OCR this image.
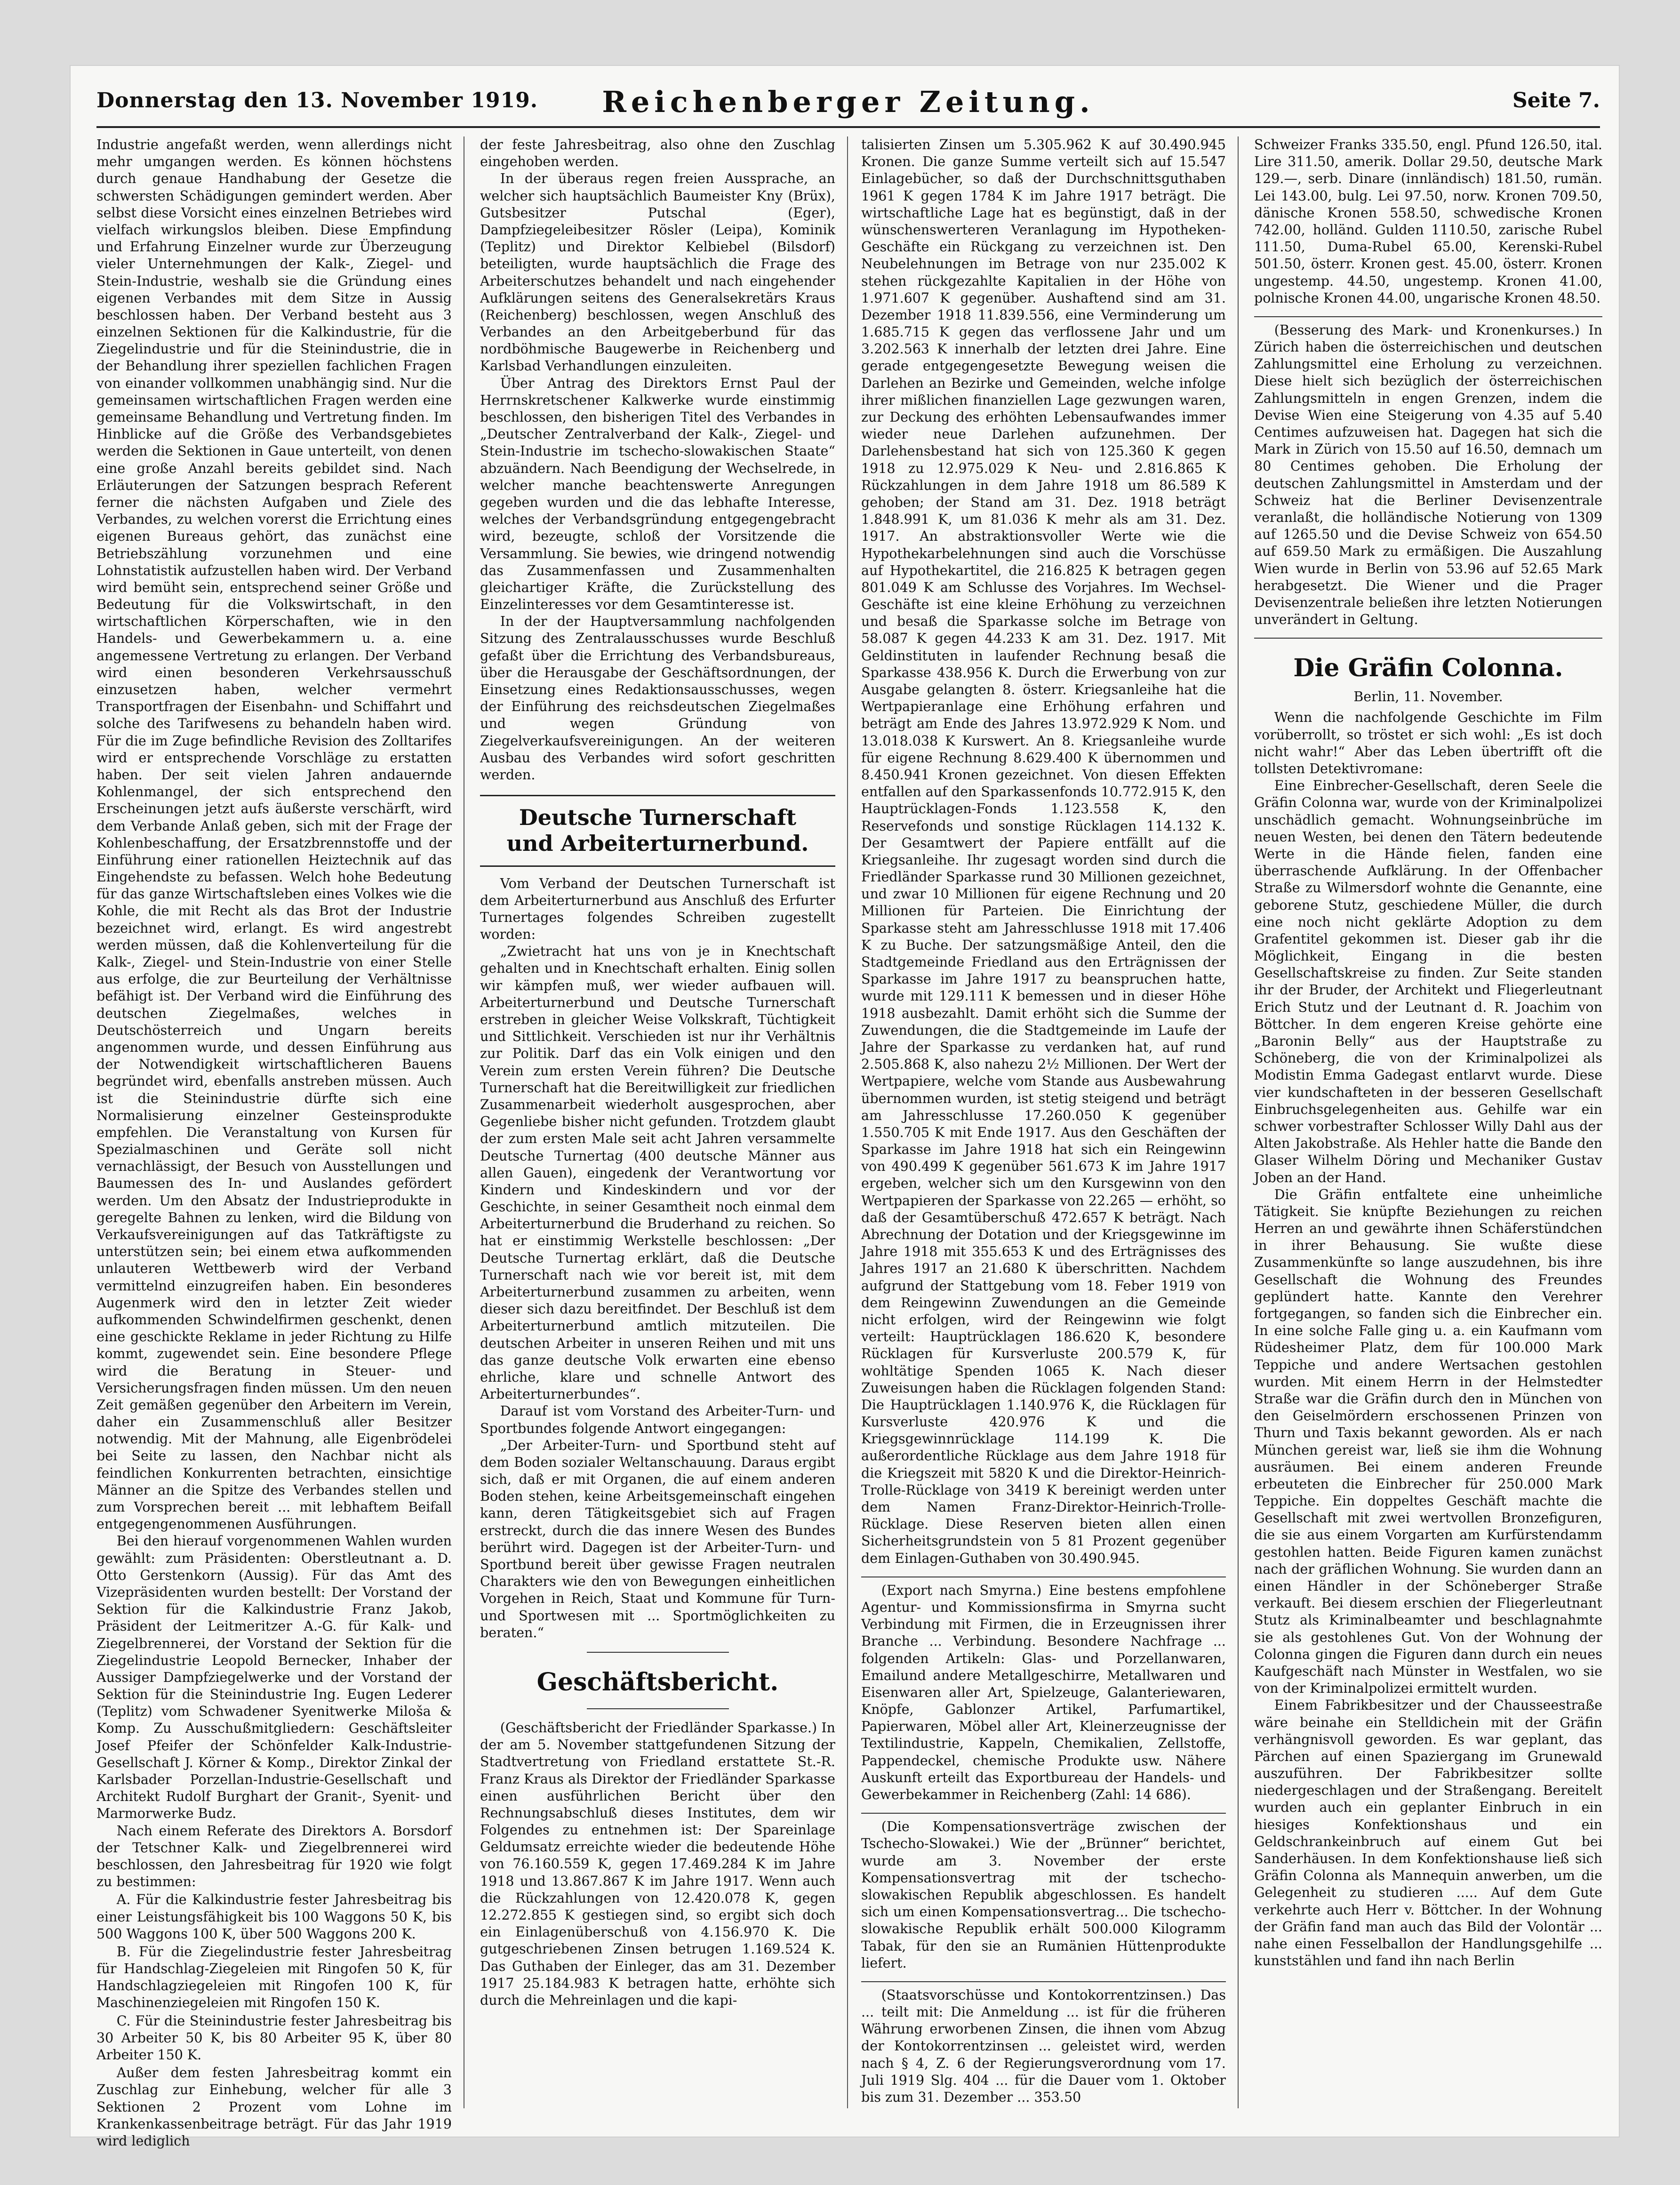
Donnerstag den 13. November 1919.	Reichenberger Zeitung.	Seite 7.

Industrie angefaßt werden, wenn allerdings nicht mehr umgangen werden. Es können höchstens durch genaue Handhabung der Gesetze die schwersten Schädigungen gemindert werden. Aber selbst diese Vorsicht eines einzelnen Betriebes wird vielfach wirkungslos bleiben. Diese Empfindung und Erfahrung Einzelner wurde zur Überzeugung vieler Unternehmungen der Kalk-, Ziegel- und Stein-Industrie, weshalb sie die Gründung eines eigenen Verbandes mit dem Sitze in Aussig beschlossen haben. Der Verband besteht aus 3 einzelnen Sektionen für die Kalkindustrie, für die Ziegelindustrie und für die Steinindustrie, die in der Behandlung ihrer speziellen fachlichen Fragen von einander vollkommen unabhängig sind. Nur die gemeinsamen wirtschaftlichen Fragen werden eine gemeinsame Behandlung und Vertretung finden. Im Hinblicke auf die Größe des Verbandsgebietes werden die Sektionen in Gaue unterteilt, von denen eine große Anzahl bereits gebildet sind. Nach Erläuterungen der Satzungen besprach Referent ferner die nächsten Aufgaben und Ziele des Verbandes, zu welchen vorerst die Errichtung eines eigenen Bureaus gehört, das zunächst eine Betriebszählung vorzunehmen und eine Lohnstatistik aufzustellen haben wird. Der Verband wird bemüht sein, entsprechend seiner Größe und Bedeutung für die Volkswirtschaft, in den wirtschaftlichen Körperschaften, wie in den Handels- und Gewerbekammern u. a. eine angemessene Vertretung zu erlangen. Der Verband wird einen besonderen Verkehrsausschuß einzusetzen haben, welcher vermehrt Transportfragen der Eisenbahn- und Schiffahrt und solche des Tarifwesens zu behandeln haben wird. Für die im Zuge befindliche Revision des Zolltarifes wird er entsprechende Vorschläge zu erstatten haben. Der seit vielen Jahren andauernde Kohlenmangel, der sich entsprechend den Erscheinungen jetzt aufs äußerste verschärft, wird dem Verbande Anlaß geben, sich mit der Frage der Kohlenbeschaffung, der Ersatzbrennstoffe und der Einführung einer rationellen Heiztechnik auf das Eingehendste zu befassen. Welch hohe Bedeutung für das ganze Wirtschaftsleben eines Volkes wie die Kohle, die mit Recht als das Brot der Industrie bezeichnet wird, erlangt. Es wird angestrebt werden müssen, daß die Kohlenverteilung für die Kalk-, Ziegel- und Stein-Industrie von einer Stelle aus erfolge, die zur Beurteilung der Verhältnisse befähigt ist. Der Verband wird die Einführung des deutschen Ziegelmaßes, welches in Deutschösterreich und Ungarn bereits angenommen wurde, und dessen Einführung aus der Notwendigkeit wirtschaftlicheren Bauens begründet wird, ebenfalls anstreben müssen. Auch ist die Steinindustrie dürfte sich eine Normalisierung einzelner Gesteinsprodukte empfehlen. Die Veranstaltung von Kursen für Spezialmaschinen und Geräte soll nicht vernachlässigt, der Besuch von Ausstellungen und Baumessen des In- und Auslandes gefördert werden. Um den Absatz der Industrieprodukte in geregelte Bahnen zu lenken, wird die Bildung von Verkaufsvereinigungen auf das Tatkräftigste zu unterstützen sein; bei einem etwa aufkommenden unlauteren Wettbewerb wird der Verband vermittelnd einzugreifen haben. Ein besonderes Augenmerk wird den in letzter Zeit wieder aufkommenden Schwindelfirmen geschenkt, denen eine geschickte Reklame in jeder Richtung zu Hilfe kommt, zugewendet sein. Eine besondere Pflege wird die Beratung in Steuer- und Versicherungsfragen finden müssen. Um den neuen Zeit gemäßen gegenüber den Arbeitern im Verein, daher ein Zusammenschluß aller Besitzer notwendig. Mit der Mahnung, alle Eigenbrödelei bei Seite zu lassen, den Nachbar nicht als feindlichen Konkurrenten betrachten, einsichtige Männer an die Spitze des Verbandes stellen und zum Vorsprechen bereit ... mit lebhaftem Beifall entgegengenommenen Ausführungen.

Bei den hierauf vorgenommenen Wahlen wurden gewählt: zum Präsidenten: Oberstleutnant a. D. Otto Gerstenkorn (Aussig). Für das Amt des Vizepräsidenten wurden bestellt: Der Vorstand der Sektion für die Kalkindustrie Franz Jakob, Präsident der Leitmeritzer A.-G. für Kalk- und Ziegelbrennerei, der Vorstand der Sektion für die Ziegelindustrie Leopold Bernecker, Inhaber der Aussiger Dampfziegelwerke und der Vorstand der Sektion für die Steinindustrie Ing. Eugen Lederer (Teplitz) vom Schwadener Syenitwerke Miloša & Komp. Zu Ausschußmitgliedern: Geschäftsleiter Josef Pfeifer der Schönfelder Kalk-Industrie-Gesellschaft J. Körner & Komp., Direktor Zinkal der Karlsbader Porzellan-Industrie-Gesellschaft und Architekt Rudolf Burghart der Granit-, Syenit- und Marmorwerke Budz.

Nach einem Referate des Direktors A. Borsdorf der Tetschner Kalk- und Ziegelbrennerei wird beschlossen, den Jahresbeitrag für 1920 wie folgt zu bestimmen:

A. Für die Kalkindustrie fester Jahresbeitrag bis einer Leistungsfähigkeit bis 100 Waggons 50 K, bis 500 Waggons 100 K, über 500 Waggons 200 K.

B. Für die Ziegelindustrie fester Jahresbeitrag für Handschlag-Ziegeleien mit Ringofen 50 K, für Handschlagziegeleien mit Ringofen 100 K, für Maschinenziegeleien mit Ringofen 150 K.

C. Für die Steinindustrie fester Jahresbeitrag bis 30 Arbeiter 50 K, bis 80 Arbeiter 95 K, über 80 Arbeiter 150 K.

Außer dem festen Jahresbeitrag kommt ein Zuschlag zur Einhebung, welcher für alle 3 Sektionen 2 Prozent vom Lohne im Krankenkassenbeitrage beträgt. Für das Jahr 1919 wird lediglich

der feste Jahresbeitrag, also ohne den Zuschlag eingehoben werden.

In der überaus regen freien Aussprache, an welcher sich hauptsächlich Baumeister Kny (Brüx), Gutsbesitzer Putschal (Eger), Dampfziegeleibesitzer Rösler (Leipa), Kominik (Teplitz) und Direktor Kelbiebel (Bilsdorf) beteiligten, wurde hauptsächlich die Frage des Arbeiterschutzes behandelt und nach eingehender Aufklärungen seitens des Generalsekretärs Kraus (Reichenberg) beschlossen, wegen Anschluß des Verbandes an den Arbeitgeberbund für das nordböhmische Baugewerbe in Reichenberg und Karlsbad Verhandlungen einzuleiten.

Über Antrag des Direktors Ernst Paul der Herrnskretschener Kalkwerke wurde einstimmig beschlossen, den bisherigen Titel des Verbandes in „Deutscher Zentralverband der Kalk-, Ziegel- und Stein-Industrie im tschecho-slowakischen Staate“ abzuändern. Nach Beendigung der Wechselrede, in welcher manche beachtenswerte Anregungen gegeben wurden und die das lebhafte Interesse, welches der Verbandsgründung entgegengebracht wird, bezeugte, schloß der Vorsitzende die Versammlung. Sie bewies, wie dringend notwendig das Zusammenfassen und Zusammenhalten gleichartiger Kräfte, die Zurückstellung des Einzelinteresses vor dem Gesamtinteresse ist.

In der der Hauptversammlung nachfolgenden Sitzung des Zentralausschusses wurde Beschluß gefaßt über die Errichtung des Verbandsbureaus, über die Herausgabe der Geschäftsordnungen, der Einsetzung eines Redaktionsausschusses, wegen der Einführung des reichsdeutschen Ziegelmaßes und wegen Gründung von Ziegelverkaufsvereinigungen. An der weiteren Ausbau des Verbandes wird sofort geschritten werden.

Deutsche Turnerschaft
und Arbeiterturnerbund.

Vom Verband der Deutschen Turnerschaft ist dem Arbeiterturnerbund aus Anschluß des Erfurter Turnertages folgendes Schreiben zugestellt worden:

„Zwietracht hat uns von je in Knechtschaft gehalten und in Knechtschaft erhalten. Einig sollen wir kämpfen muß, wer wieder aufbauen will. Arbeiterturnerbund und Deutsche Turnerschaft erstreben in gleicher Weise Volkskraft, Tüchtigkeit und Sittlichkeit. Verschieden ist nur ihr Verhältnis zur Politik. Darf das ein Volk einigen und den Verein zum ersten Verein führen? Die Deutsche Turnerschaft hat die Bereitwilligkeit zur friedlichen Zusammenarbeit wiederholt ausgesprochen, aber Gegenliebe bisher nicht gefunden. Trotzdem glaubt der zum ersten Male seit acht Jahren versammelte Deutsche Turnertag (400 deutsche Männer aus allen Gauen), eingedenk der Verantwortung vor Kindern und Kindeskindern und vor der Geschichte, in seiner Gesamtheit noch einmal dem Arbeiterturnerbund die Bruderhand zu reichen. So hat er einstimmig Werkstelle beschlossen: „Der Deutsche Turnertag erklärt, daß die Deutsche Turnerschaft nach wie vor bereit ist, mit dem Arbeiterturnerbund zusammen zu arbeiten, wenn dieser sich dazu bereitfindet. Der Beschluß ist dem Arbeiterturnerbund amtlich mitzuteilen. Die deutschen Arbeiter in unseren Reihen und mit uns das ganze deutsche Volk erwarten eine ebenso ehrliche, klare und schnelle Antwort des Arbeiterturnerbundes“.

Darauf ist vom Vorstand des Arbeiter-Turn- und Sportbundes folgende Antwort eingegangen:

„Der Arbeiter-Turn- und Sportbund steht auf dem Boden sozialer Weltanschauung. Daraus ergibt sich, daß er mit Organen, die auf einem anderen Boden stehen, keine Arbeitsgemeinschaft eingehen kann, deren Tätigkeitsgebiet sich auf Fragen erstreckt, durch die das innere Wesen des Bundes berührt wird. Dagegen ist der Arbeiter-Turn- und Sportbund bereit über gewisse Fragen neutralen Charakters wie den von Bewegungen einheitlichen Vorgehen in Reich, Staat und Kommune für Turn- und Sportwesen mit ... Sportmöglichkeiten zu beraten.“

Geschäftsbericht.

(Geschäftsbericht der Friedländer Sparkasse.) In der am 5. November stattgefundenen Sitzung der Stadtvertretung von Friedland erstattete St.-R. Franz Kraus als Direktor der Friedländer Sparkasse einen ausführlichen Bericht über den Rechnungsabschluß dieses Institutes, dem wir Folgendes zu entnehmen ist: Der Spareinlage Geldumsatz erreichte wieder die bedeutende Höhe von 76.160.559 K, gegen 17.469.284 K im Jahre 1918 und 13.867.867 K im Jahre 1917. Wenn auch die Rückzahlungen von 12.420.078 K, gegen 12.272.855 K gestiegen sind, so ergibt sich doch ein Einlagenüberschuß von 4.156.970 K. Die gutgeschriebenen Zinsen betrugen 1.169.524 K. Das Guthaben der Einleger, das am 31. Dezember 1917 25.184.983 K betragen hatte, erhöhte sich durch die Mehreinlagen und die kapi-

talisierten Zinsen um 5.305.962 K auf 30.490.945 Kronen. Die ganze Summe verteilt sich auf 15.547 Einlagebücher, so daß der Durchschnittsguthaben 1961 K gegen 1784 K im Jahre 1917 beträgt. Die wirtschaftliche Lage hat es begünstigt, daß in der wünschenswerteren Veranlagung im Hypotheken-Geschäfte ein Rückgang zu verzeichnen ist. Den Neubelehnungen im Betrage von nur 235.002 K stehen rückgezahlte Kapitalien in der Höhe von 1.971.607 K gegenüber. Aushaftend sind am 31. Dezember 1918 11.839.556, eine Verminderung um 1.685.715 K gegen das verflossene Jahr und um 3.202.563 K innerhalb der letzten drei Jahre. Eine gerade entgegengesetzte Bewegung weisen die Darlehen an Bezirke und Gemeinden, welche infolge ihrer mißlichen finanziellen Lage gezwungen waren, zur Deckung des erhöhten Lebensaufwandes immer wieder neue Darlehen aufzunehmen. Der Darlehensbestand hat sich von 125.360 K gegen 1918 zu 12.975.029 K Neu- und 2.816.865 K Rückzahlungen in dem Jahre 1918 um 86.589 K gehoben; der Stand am 31. Dez. 1918 beträgt 1.848.991 K, um 81.036 K mehr als am 31. Dez. 1917. An abstraktionsvoller Werte wie die Hypothekarbelehnungen sind auch die Vorschüsse auf Hypothekartitel, die 216.825 K betragen gegen 801.049 K am Schlusse des Vorjahres. Im Wechsel-Geschäfte ist eine kleine Erhöhung zu verzeichnen und besaß die Sparkasse solche im Betrage von 58.087 K gegen 44.233 K am 31. Dez. 1917. Mit Geldinstituten in laufender Rechnung besaß die Sparkasse 438.956 K. Durch die Erwerbung von zur Ausgabe gelangten 8. österr. Kriegsanleihe hat die Wertpapieranlage eine Erhöhung erfahren und beträgt am Ende des Jahres 13.972.929 K Nom. und 13.018.038 K Kurswert. An 8. Kriegsanleihe wurde für eigene Rechnung 8.629.400 K übernommen und 8.450.941 Kronen gezeichnet. Von diesen Effekten entfallen auf den Sparkassenfonds 10.772.915 K, den Hauptrücklagen-Fonds 1.123.558 K, den Reservefonds und sonstige Rücklagen 114.132 K. Der Gesamtwert der Papiere entfällt auf die Kriegsanleihe. Ihr zugesagt worden sind durch die Friedländer Sparkasse rund 30 Millionen gezeichnet, und zwar 10 Millionen für eigene Rechnung und 20 Millionen für Parteien. Die Einrichtung der Sparkasse steht am Jahresschlusse 1918 mit 17.406 K zu Buche. Der satzungsmäßige Anteil, den die Stadtgemeinde Friedland aus den Erträgnissen der Sparkasse im Jahre 1917 zu beanspruchen hatte, wurde mit 129.111 K bemessen und in dieser Höhe 1918 ausbezahlt. Damit erhöht sich die Summe der Zuwendungen, die die Stadtgemeinde im Laufe der Jahre der Sparkasse zu verdanken hat, auf rund 2.505.868 K, also nahezu 2½ Millionen. Der Wert der Wertpapiere, welche vom Stande aus Ausbewahrung übernommen wurden, ist stetig steigend und beträgt am Jahresschlusse 17.260.050 K gegenüber 1.550.705 K mit Ende 1917. Aus den Geschäften der Sparkasse im Jahre 1918 hat sich ein Reingewinn von 490.499 K gegenüber 561.673 K im Jahre 1917 ergeben, welcher sich um den Kursgewinn von den Wertpapieren der Sparkasse von 22.265 — erhöht, so daß der Gesamtüberschuß 472.657 K beträgt. Nach Abrechnung der Dotation und der Kriegsgewinne im Jahre 1918 mit 355.653 K und des Erträgnisses des Jahres 1917 an 21.680 K überschritten. Nachdem aufgrund der Stattgebung vom 18. Feber 1919 von dem Reingewinn Zuwendungen an die Gemeinde nicht erfolgen, wird der Reingewinn wie folgt verteilt: Hauptrücklagen 186.620 K, besondere Rücklagen für Kursverluste 200.579 K, für wohltätige Spenden 1065 K. Nach dieser Zuweisungen haben die Rücklagen folgenden Stand: Die Hauptrücklagen 1.140.976 K, die Rücklagen für Kursverluste 420.976 K und die Kriegsgewinnrücklage 114.199 K. Die außerordentliche Rücklage aus dem Jahre 1918 für die Kriegszeit mit 5820 K und die Direktor-Heinrich-Trolle-Rücklage von 3419 K bereinigt werden unter dem Namen Franz-Direktor-Heinrich-Trolle-Rücklage. Diese Reserven bieten allen einen Sicherheitsgrundstein von 5 81 Prozent gegenüber dem Einlagen-Guthaben von 30.490.945.

(Export nach Smyrna.) Eine bestens empfohlene Agentur- und Kommissionsfirma in Smyrna sucht Verbindung mit Firmen, die in Erzeugnissen ihrer Branche ... Verbindung. Besondere Nachfrage ... folgenden Artikeln: Glas- und Porzellanwaren, Emailund andere Metallgeschirre, Metallwaren und Eisenwaren aller Art, Spielzeuge, Galanteriewaren, Knöpfe, Gablonzer Artikel, Parfumartikel, Papierwaren, Möbel aller Art, Kleinerzeugnisse der Textilindustrie, Kappeln, Chemikalien, Zellstoffe, Pappendeckel, chemische Produkte usw. Nähere Auskunft erteilt das Exportbureau der Handels- und Gewerbekammer in Reichenberg (Zahl: 14 686).

(Die Kompensationsverträge zwischen der Tschecho-Slowakei.) Wie der „Brünner“ berichtet, wurde am 3. November der erste Kompensationsvertrag mit der tschecho-slowakischen Republik abgeschlossen. Es handelt sich um einen Kompensationsvertrag... Die tschecho-slowakische Republik erhält 500.000 Kilogramm Tabak, für den sie an Rumänien Hüttenprodukte liefert.

(Staatsvorschüsse und Kontokorrentzinsen.) Das ... teilt mit: Die Anmeldung ... ist für die früheren Währung erworbenen Zinsen, die ihnen vom Abzug der Kontokorrentzinsen ... geleistet wird, werden nach § 4, Z. 6 der Regierungsverordnung vom 17. Juli 1919 Slg. 404 ... für die Dauer vom 1. Oktober bis zum 31. Dezember ... 353.50

Schweizer Franks 335.50, engl. Pfund 126.50, ital. Lire 311.50, amerik. Dollar 29.50, deutsche Mark 129.—, serb. Dinare (innländisch) 181.50, rumän. Lei 143.00, bulg. Lei 97.50, norw. Kronen 709.50, dänische Kronen 558.50, schwedische Kronen 742.00, holländ. Gulden 1110.50, zarische Rubel 111.50, Duma-Rubel 65.00, Kerenski-Rubel 501.50, österr. Kronen gest. 45.00, österr. Kronen ungestemp. 44.50, ungestemp. Kronen 41.00, polnische Kronen 44.00, ungarische Kronen 48.50.

(Besserung des Mark- und Kronenkurses.) In Zürich haben die österreichischen und deutschen Zahlungsmittel eine Erholung zu verzeichnen. Diese hielt sich bezüglich der österreichischen Zahlungsmitteln in engen Grenzen, indem die Devise Wien eine Steigerung von 4.35 auf 5.40 Centimes aufzuweisen hat. Dagegen hat sich die Mark in Zürich von 15.50 auf 16.50, demnach um 80 Centimes gehoben. Die Erholung der deutschen Zahlungsmittel in Amsterdam und der Schweiz hat die Berliner Devisenzentrale veranlaßt, die holländische Notierung von 1309 auf 1265.50 und die Devise Schweiz von 654.50 auf 659.50 Mark zu ermäßigen. Die Auszahlung Wien wurde in Berlin von 53.96 auf 52.65 Mark herabgesetzt. Die Wiener und die Prager Devisenzentrale beließen ihre letzten Notierungen unverändert in Geltung.

Die Gräfin Colonna.
Berlin, 11. November.

Wenn die nachfolgende Geschichte im Film vorüberrollt, so tröstet er sich wohl: „Es ist doch nicht wahr!“ Aber das Leben übertrifft oft die tollsten Detektivromane:

Eine Einbrecher-Gesellschaft, deren Seele die Gräfin Colonna war, wurde von der Kriminalpolizei unschädlich gemacht. Wohnungseinbrüche im neuen Westen, bei denen den Tätern bedeutende Werte in die Hände fielen, fanden eine überraschende Aufklärung. In der Offenbacher Straße zu Wilmersdorf wohnte die Genannte, eine geborene Stutz, geschiedene Müller, die durch eine noch nicht geklärte Adoption zu dem Grafentitel gekommen ist. Dieser gab ihr die Möglichkeit, Eingang in die besten Gesellschaftskreise zu finden. Zur Seite standen ihr der Bruder, der Architekt und Fliegerleutnant Erich Stutz und der Leutnant d. R. Joachim von Böttcher. In dem engeren Kreise gehörte eine „Baronin Belly“ aus der Hauptstraße zu Schöneberg, die von der Kriminalpolizei als Modistin Emma Gadegast entlarvt wurde. Diese vier kundschafteten in der besseren Gesellschaft Einbruchsgelegenheiten aus. Gehilfe war ein schwer vorbestrafter Schlosser Willy Dahl aus der Alten Jakobstraße. Als Hehler hatte die Bande den Glaser Wilhelm Döring und Mechaniker Gustav Joben an der Hand.

Die Gräfin entfaltete eine unheimliche Tätigkeit. Sie knüpfte Beziehungen zu reichen Herren an und gewährte ihnen Schäferstündchen in ihrer Behausung. Sie wußte diese Zusammenkünfte so lange auszudehnen, bis ihre Gesellschaft die Wohnung des Freundes geplündert hatte. Kannte den Verehrer fortgegangen, so fanden sich die Einbrecher ein. In eine solche Falle ging u. a. ein Kaufmann vom Rüdesheimer Platz, dem für 100.000 Mark Teppiche und andere Wertsachen gestohlen wurden. Mit einem Herrn in der Helmstedter Straße war die Gräfin durch den in München von den Geiselmördern erschossenen Prinzen von Thurn und Taxis bekannt geworden. Als er nach München gereist war, ließ sie ihm die Wohnung ausräumen. Bei einem anderen Freunde erbeuteten die Einbrecher für 250.000 Mark Teppiche. Ein doppeltes Geschäft machte die Gesellschaft mit zwei wertvollen Bronzefiguren, die sie aus einem Vorgarten am Kurfürstendamm gestohlen hatten. Beide Figuren kamen zunächst nach der gräflichen Wohnung. Sie wurden dann an einen Händler in der Schöneberger Straße verkauft. Bei diesem erschien der Fliegerleutnant Stutz als Kriminalbeamter und beschlagnahmte sie als gestohlenes Gut. Von der Wohnung der Colonna gingen die Figuren dann durch ein neues Kaufgeschäft nach Münster in Westfalen, wo sie von der Kriminalpolizei ermittelt wurden.

Einem Fabrikbesitzer und der Chausseestraße wäre beinahe ein Stelldichein mit der Gräfin verhängnisvoll geworden. Es war geplant, das Pärchen auf einen Spaziergang im Grunewald auszuführen. Der Fabrikbesitzer sollte niedergeschlagen und der Straßengang. Bereitelt wurden auch ein geplanter Einbruch in ein hiesiges Konfektionshaus und ein Geldschrankeinbruch auf einem Gut bei Sanderhäusen. In dem Konfektionshause ließ sich Gräfin Colonna als Mannequin anwerben, um die Gelegenheit zu studieren ..... Auf dem Gute verkehrte auch Herr v. Böttcher. In der Wohnung der Gräfin fand man auch das Bild der Volontär ... nahe einen Fesselballon der Handlungsgehilfe ... kunststählen und fand ihn nach Berlin
